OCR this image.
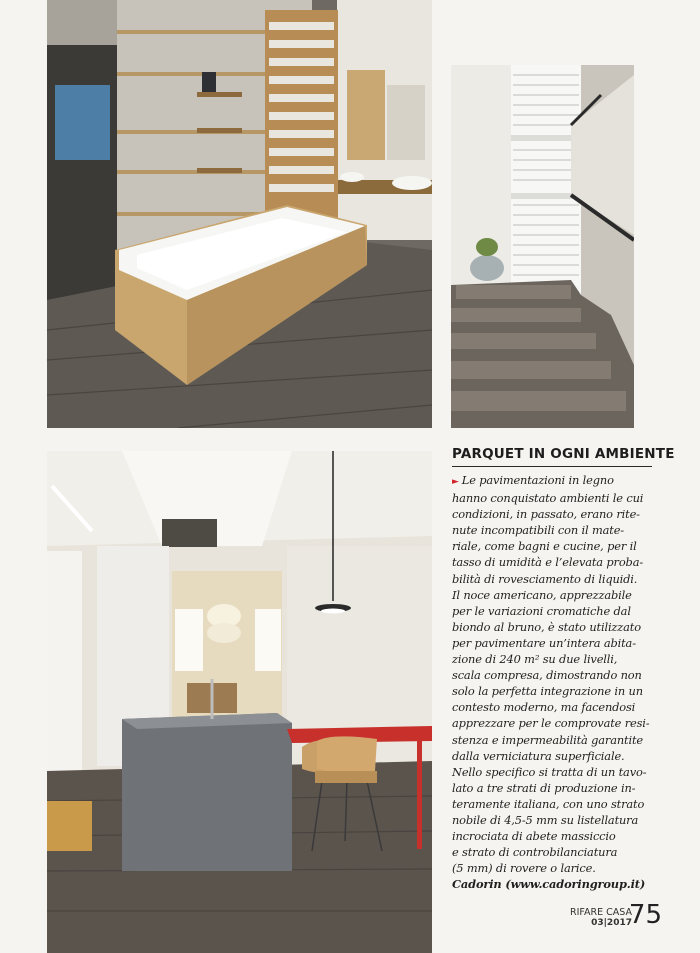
PARQUET IN OGNI AMBIENTE
► Le pavimentazioni in legno
hanno conquistato ambienti le cui
condizioni, in passato, erano rite-
nute incompatibili con il mate-
riale, come bagni e cucine, per il
tasso di umidità e l’elevata proba-
bilità di rovesciamento di liquidi.
Il noce americano, apprezzabile
per le variazioni cromatiche dal
biondo al bruno, è stato utilizzato
per pavimentare un’intera abita-
zione di 240 m² su due livelli,
scala compresa, dimostrando non
solo la perfetta integrazione in un
contesto moderno, ma facendosi
apprezzare per le comprovate resi-
stenza e impermeabilità garantite
dalla verniciatura superficiale.
Nello specifico si tratta di un tavo-
lato a tre strati di produzione in-
teramente italiana, con uno strato
nobile di 4,5-5 mm su listellatura
incrociata di abete massiccio
e strato di controbilanciatura
(5 mm) di rovere o larice.
Cadorin (www.cadoringroup.it)
RIFARE CASA
03|2017
75
